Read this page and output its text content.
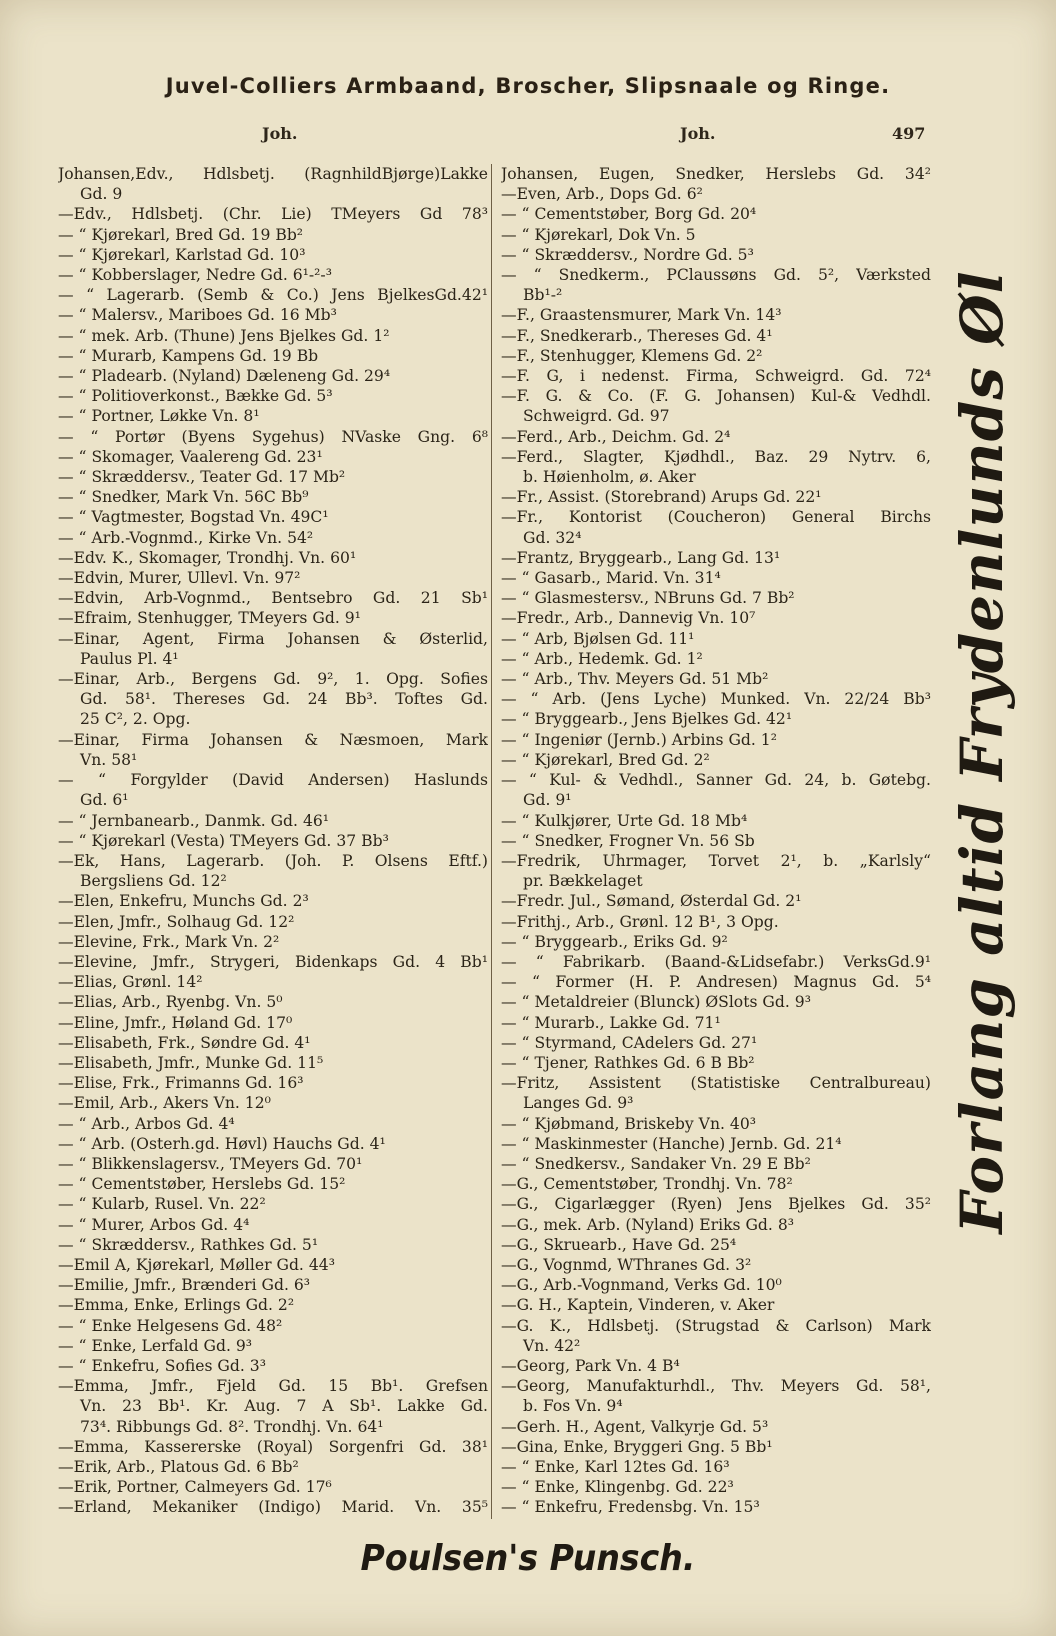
Juvel-Colliers Armbaand, Broscher, Slipsnaale og Ringe.
Joh.	Joh.	497
Johansen,Edv., Hdlsbetj. (RagnhildBjørge)Lakke
Gd. 9
—Edv., Hdlsbetj. (Chr. Lie) TMeyers Gd 78³
— “ Kjørekarl, Bred Gd. 19 Bb²
— “ Kjørekarl, Karlstad Gd. 10³
— “ Kobberslager, Nedre Gd. 6¹-²-³
— “ Lagerarb. (Semb & Co.) Jens BjelkesGd.42¹
— “ Malersv., Mariboes Gd. 16 Mb³
— “ mek. Arb. (Thune) Jens Bjelkes Gd. 1²
— “ Murarb, Kampens Gd. 19 Bb
— “ Pladearb. (Nyland) Dæleneng Gd. 29⁴
— “ Politioverkonst., Bække Gd. 5³
— “ Portner, Løkke Vn. 8¹
— “ Portør (Byens Sygehus) NVaske Gng. 6⁸
— “ Skomager, Vaalereng Gd. 23¹
— “ Skræddersv., Teater Gd. 17 Mb²
— “ Snedker, Mark Vn. 56C Bb⁹
— “ Vagtmester, Bogstad Vn. 49C¹
— “ Arb.-Vognmd., Kirke Vn. 54²
—Edv. K., Skomager, Trondhj. Vn. 60¹
—Edvin, Murer, Ullevl. Vn. 97²
—Edvin, Arb-Vognmd., Bentsebro Gd. 21 Sb¹
—Efraim, Stenhugger, TMeyers Gd. 9¹
—Einar, Agent, Firma Johansen & Østerlid,
Paulus Pl. 4¹
—Einar, Arb., Bergens Gd. 9², 1. Opg. Sofies
Gd. 58¹. Thereses Gd. 24 Bb³. Toftes Gd.
25 C², 2. Opg.
—Einar, Firma Johansen & Næsmoen, Mark
Vn. 58¹
— “ Forgylder (David Andersen) Haslunds
Gd. 6¹
— “ Jernbanearb., Danmk. Gd. 46¹
— “ Kjørekarl (Vesta) TMeyers Gd. 37 Bb³
—Ek, Hans, Lagerarb. (Joh. P. Olsens Eftf.)
Bergsliens Gd. 12²
—Elen, Enkefru, Munchs Gd. 2³
—Elen, Jmfr., Solhaug Gd. 12²
—Elevine, Frk., Mark Vn. 2²
—Elevine, Jmfr., Strygeri, Bidenkaps Gd. 4 Bb¹
—Elias, Grønl. 14²
—Elias, Arb., Ryenbg. Vn. 5⁰
—Eline, Jmfr., Høland Gd. 17⁰
—Elisabeth, Frk., Søndre Gd. 4¹
—Elisabeth, Jmfr., Munke Gd. 11⁵
—Elise, Frk., Frimanns Gd. 16³
—Emil, Arb., Akers Vn. 12⁰
— “ Arb., Arbos Gd. 4⁴
— “ Arb. (Osterh.gd. Høvl) Hauchs Gd. 4¹
— “ Blikkenslagersv., TMeyers Gd. 70¹
— “ Cementstøber, Herslebs Gd. 15²
— “ Kularb, Rusel. Vn. 22²
— “ Murer, Arbos Gd. 4⁴
— “ Skræddersv., Rathkes Gd. 5¹
—Emil A, Kjørekarl, Møller Gd. 44³
—Emilie, Jmfr., Brænderi Gd. 6³
—Emma, Enke, Erlings Gd. 2²
— “ Enke Helgesens Gd. 48²
— “ Enke, Lerfald Gd. 9³
— “ Enkefru, Sofies Gd. 3³
—Emma, Jmfr., Fjeld Gd. 15 Bb¹. Grefsen
Vn. 23 Bb¹. Kr. Aug. 7 A Sb¹. Lakke Gd.
73⁴. Ribbungs Gd. 8². Trondhj. Vn. 64¹
—Emma, Kassererske (Royal) Sorgenfri Gd. 38¹
—Erik, Arb., Platous Gd. 6 Bb²
—Erik, Portner, Calmeyers Gd. 17⁶
—Erland, Mekaniker (Indigo) Marid. Vn. 35⁵
Johansen, Eugen, Snedker, Herslebs Gd. 34²
—Even, Arb., Dops Gd. 6²
— “ Cementstøber, Borg Gd. 20⁴
— “ Kjørekarl, Dok Vn. 5
— “ Skræddersv., Nordre Gd. 5³
— “ Snedkerm., PClaussøns Gd. 5², Værksted
Bb¹-²
—F., Graastensmurer, Mark Vn. 14³
—F., Snedkerarb., Thereses Gd. 4¹
—F., Stenhugger, Klemens Gd. 2²
—F. G, i nedenst. Firma, Schweigrd. Gd. 72⁴
—F. G. & Co. (F. G. Johansen) Kul-& Vedhdl.
Schweigrd. Gd. 97
—Ferd., Arb., Deichm. Gd. 2⁴
—Ferd., Slagter, Kjødhdl., Baz. 29 Nytrv. 6,
b. Høienholm, ø. Aker
—Fr., Assist. (Storebrand) Arups Gd. 22¹
—Fr., Kontorist (Coucheron) General Birchs
Gd. 32⁴
—Frantz, Bryggearb., Lang Gd. 13¹
— “ Gasarb., Marid. Vn. 31⁴
— “ Glasmestersv., NBruns Gd. 7 Bb²
—Fredr., Arb., Dannevig Vn. 10⁷
— “ Arb, Bjølsen Gd. 11¹
— “ Arb., Hedemk. Gd. 1²
— “ Arb., Thv. Meyers Gd. 51 Mb²
— “ Arb. (Jens Lyche) Munked. Vn. 22/24 Bb³
— “ Bryggearb., Jens Bjelkes Gd. 42¹
— “ Ingeniør (Jernb.) Arbins Gd. 1²
— “ Kjørekarl, Bred Gd. 2²
— “ Kul- & Vedhdl., Sanner Gd. 24, b. Gøtebg.
Gd. 9¹
— “ Kulkjører, Urte Gd. 18 Mb⁴
— “ Snedker, Frogner Vn. 56 Sb
—Fredrik, Uhrmager, Torvet 2¹, b. „Karlsly“
pr. Bækkelaget
—Fredr. Jul., Sømand, Østerdal Gd. 2¹
—Frithj., Arb., Grønl. 12 B¹, 3 Opg.
— “ Bryggearb., Eriks Gd. 9²
— “ Fabrikarb. (Baand-&Lidsefabr.) VerksGd.9¹
— “ Former (H. P. Andresen) Magnus Gd. 5⁴
— “ Metaldreier (Blunck) ØSlots Gd. 9³
— “ Murarb., Lakke Gd. 71¹
— “ Styrmand, CAdelers Gd. 27¹
— “ Tjener, Rathkes Gd. 6 B Bb²
—Fritz, Assistent (Statistiske Centralbureau)
Langes Gd. 9³
— “ Kjøbmand, Briskeby Vn. 40³
— “ Maskinmester (Hanche) Jernb. Gd. 21⁴
— “ Snedkersv., Sandaker Vn. 29 E Bb²
—G., Cementstøber, Trondhj. Vn. 78²
—G., Cigarlægger (Ryen) Jens Bjelkes Gd. 35²
—G., mek. Arb. (Nyland) Eriks Gd. 8³
—G., Skruearb., Have Gd. 25⁴
—G., Vognmd, WThranes Gd. 3²
—G., Arb.-Vognmand, Verks Gd. 10⁰
—G. H., Kaptein, Vinderen, v. Aker
—G. K., Hdlsbetj. (Strugstad & Carlson) Mark
Vn. 42²
—Georg, Park Vn. 4 B⁴
—Georg, Manufakturhdl., Thv. Meyers Gd. 58¹,
b. Fos Vn. 9⁴
—Gerh. H., Agent, Valkyrje Gd. 5³
—Gina, Enke, Bryggeri Gng. 5 Bb¹
— “ Enke, Karl 12tes Gd. 16³
— “ Enke, Klingenbg. Gd. 22³
— “ Enkefru, Fredensbg. Vn. 15³
Forlang altid Frydenlunds Øl
Poulsen's Punsch.
